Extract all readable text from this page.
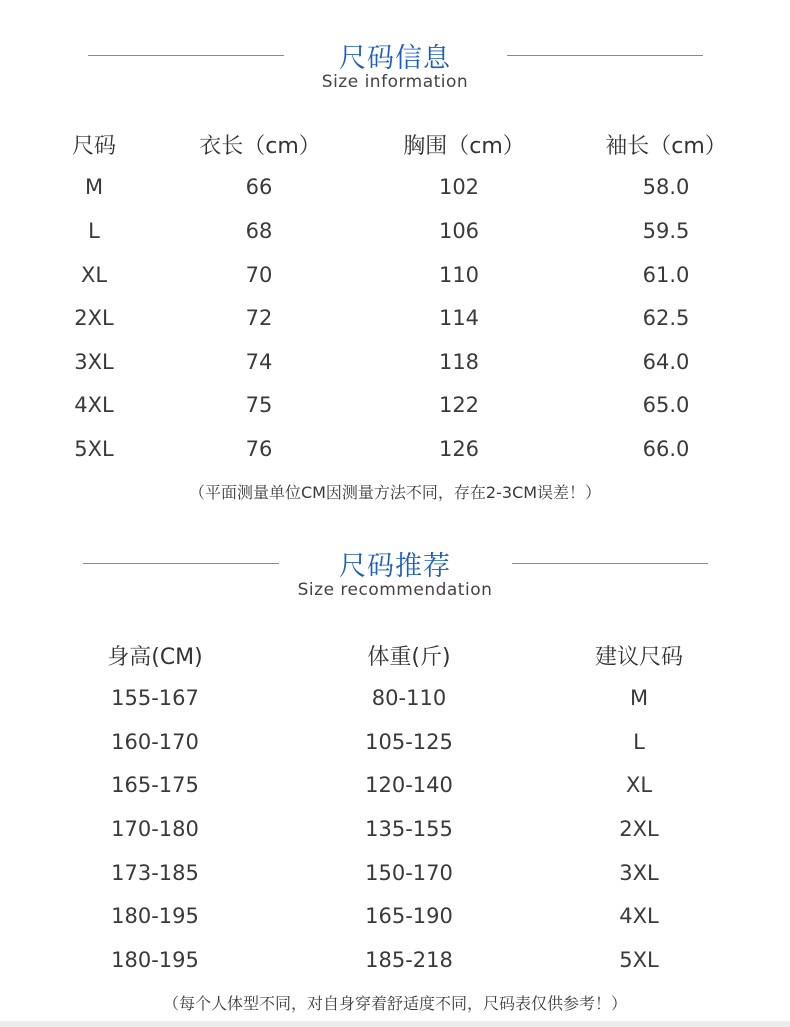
尺码信息
Size information
尺码	衣长（cm）	胸围（cm）	袖长（cm）
M	66	102	58.0
L	68	106	59.5
XL	70	110	61.0
2XL	72	114	62.5
3XL	74	118	64.0
4XL	75	122	65.0
5XL	76	126	66.0
（平面测量单位CM因测量方法不同，存在2-3CM误差！）
尺码推荐
Size recommendation
身高(CM)	体重(斤)	建议尺码
155-167	80-110	M
160-170	105-125	L
165-175	120-140	XL
170-180	135-155	2XL
173-185	150-170	3XL
180-195	165-190	4XL
180-195	185-218	5XL
（每个人体型不同，对自身穿着舒适度不同，尺码表仅供参考！）
